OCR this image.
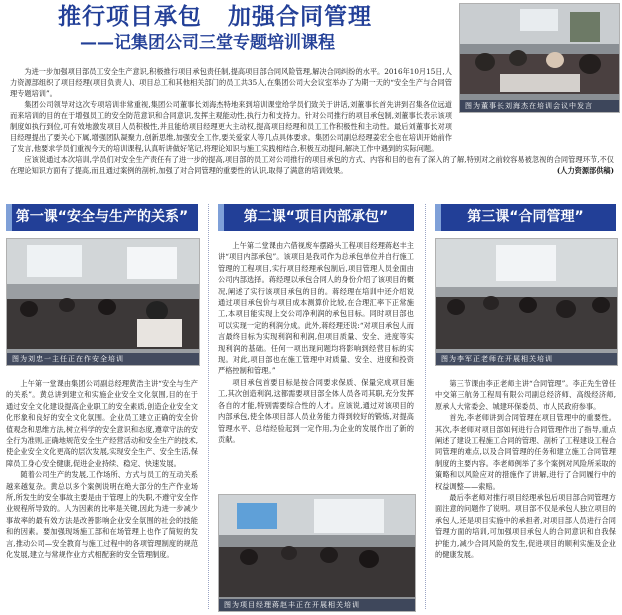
推行项目承包 加强合同管理
——记集团公司三堂专题培训课程
图为董事长刘海杰在培训会议中发言

为进一步加强项目部员工安全生产意识,积极推行项目承包责任制,提高项目部合同风险管理,解决合同纠纷的水平。2016年10月15日,人力资源部组织了项目经理(项目负责人)、项目总工和其他相关部门的员工共35人,在集团公司大会议室举办了为期一天的“安全生产与合同管理专题培训”。

集团公司领导对这次专项培训非常重视,集团公司董事长刘海杰特地来到培训课堂给学员们致关于讲话,刘董事长首先讲到召集各位远道而来培训的目的在于增强员工的安全防范意识和合同意识,发挥主观能动性,执行力和支持力。针对公司推行的项目承包制,刘董事长表示该项制度如执行到位,可有效地激发项目人员积极性,并且能给项目经理更大主动权,提高项目经理和员工工作积极性和主动性。最后刘董事长对项目经理提出了要关心下属,增强团队凝聚力,创新思维,加强安全工作,要关爱家人等几点具体要求。集团公司副总经理姜宏全也在培训开始前作了发言,他要求学员们重视今天的培训课程,认真听讲做好笔记,将理论知识与施工实践相结合,积极互动提问,解决工作中遇到的实际问题。

应该说通过本次培训,学员们对安全生产责任有了进一步的提高,项目部的员工对公司推行的项目承包的方式、内容和目的也有了深入的了解,特别对之前较容易被忽视的合同管理环节,不仅在理论知识方面有了提高,而且通过案例的剖析,加强了对合同管理的重要性的认识,取得了满意的培训效果。	(人力资源部供稿)

第一课“安全与生产的关系”	第二课“项目内部承包”	第三课“合同管理”
图为刘忠一主任正在作安全培训

上午第一堂课由集团公司副总经理黄浩主讲“安全与生产的关系”。黄总讲到建立和实施企业安全文化氛围,目的在于通过安全文化建设提高企业职工的安全素质,创造企业安全文化形象和良好的安全文化氛围。企业员工建立正确的安全价值观念和思维方法,树立科学的安全意识和态度,遵章守法的安全行为准则,正确地规范安全生产经营活动和安全生产的技术,使企业安全文化更高的层次发展,实现安全生产、安全生活,保障员工身心安全健康,促进企业持续、稳定、快速发展。

随着公司生产的发展,工作场所、方式与员工的互动关系越来越复杂。黄总以多个案例说明在绝大部分的生产作业场所,所发生的安全事故主要是由于管理上的失职,不遵守安全作业规程所导致的。人为因素的比率是关键,因此为进一步减少事故率的最有效方法是改善影响企业安全氛围的社会的技能和的因素。要加强现场施工部和在场管理上也作了简短的发言,推动公司—安全教育与施工过程中的各项管理制度的规范化发展,建立与常规作业方式相配套的安全管理制度。

上午第二堂课由六借视废车摆路头工程项目经理蒋赵丰主讲“项目内部承包”。该项目是我司作为总承包单位并自行施工管理的工程项目,实行项目经理承包制后,项目管理人员金面由公司内部选择。蒋经理以承包合同人的身份介绍了该项目的概况,阐述了实行该项目承包的目的。蒋经理在培训中还介绍说通过项目承包价与项目成本测算价比较,在合理汇率下正常施工,本项目能实现上交公司净利润的承包目标。同时项目部也可以实现一定的利润分成。此外,蒋经理还说:“对项目承包人而言最终目标为实现利润和利润,但项目质量、安全、进度等实现利润的基础。任何一项出现问题均将影响到经营目标的实现。对此,项目部也在施工管理中对质量、安全、进度和投资严格控制和管理。”

项目承包首要目标是按合同要求保质、保量完成项目施工,其次创造利润,这都需要项目部全体人员各司其职,充分发挥各自的才能,特别需要综合性的人才。应该说,通过对该项目的内部承包,使全体项目部人员业务能力得到较好的锻炼,对提高管理水平、总结经验起到一定作用,为企业的发展作出了新的贡献。

图为项目经理蒋赵丰正在开展相关培训
图为李军正老师在开展相关培训

第三节课由李正老师主讲“合同管理”。李正先生曾任中交第三航务工程局有限公司副总经济师、高级经济师,原承人大常委会、城建环保委员、市人民政府参事。

首先,李老师讲到合同管理在项目管理中的重要性。其次,李老师对项目部如何进行合同管理作出了指导,重点阐述了建设工程施工合同的管理、剖析了工程建设工程合同管理的难点,以及合同管理的任务和建立施工合同管理制度的主要内容。李老师例举了多个案例对风险所采取的策略和以风险应对的措施作了讲解,进行了合同履行中的权益调整——索赔。

最后李老师对推行项目经理承包后项目部合同管理方面注意的问题作了说明。项目部不仅是承包人独立项目的承包人,还是项目实施中的承担者,对项目部人员进行合同管理方面的培训,可加强项目承包人的合同意识和自我保护能力,减少合同风险的发生,促进项目的顺利实施及企业的健康发展。
